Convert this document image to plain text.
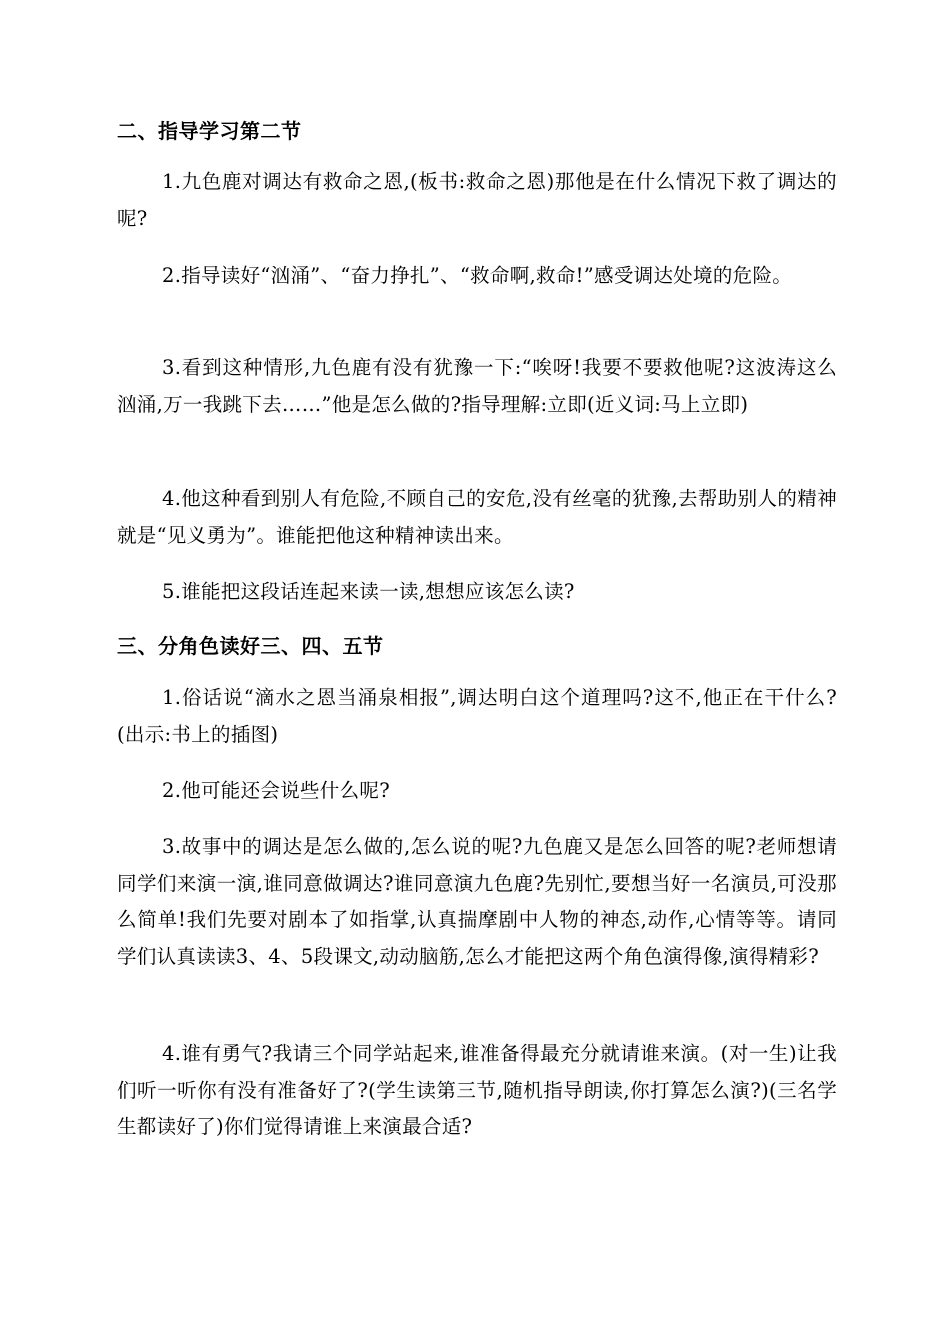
二、指导学习第二节

1.九色鹿对调达有救命之恩,(板书:救命之恩)那他是在什么情况下救了调达的呢?

2.指导读好“汹涌”、“奋力挣扎”、“救命啊,救命!”感受调达处境的危险。

3.看到这种情形,九色鹿有没有犹豫一下:“唉呀!我要不要救他呢?这波涛这么汹涌,万一我跳下去……”他是怎么做的?指导理解:立即(近义词:马上立即)

4.他这种看到别人有危险,不顾自己的安危,没有丝毫的犹豫,去帮助别人的精神就是“见义勇为”。谁能把他这种精神读出来。

5.谁能把这段话连起来读一读,想想应该怎么读?

三、分角色读好三、四、五节

1.俗话说“滴水之恩当涌泉相报”,调达明白这个道理吗?这不,他正在干什么?(出示:书上的插图)

2.他可能还会说些什么呢?

3.故事中的调达是怎么做的,怎么说的呢?九色鹿又是怎么回答的呢?老师想请同学们来演一演,谁同意做调达?谁同意演九色鹿?先别忙,要想当好一名演员,可没那么简单!我们先要对剧本了如指掌,认真揣摩剧中人物的神态,动作,心情等等。请同学们认真读读3、4、5段课文,动动脑筋,怎么才能把这两个角色演得像,演得精彩?

4.谁有勇气?我请三个同学站起来,谁准备得最充分就请谁来演。(对一生)让我们听一听你有没有准备好了?(学生读第三节,随机指导朗读,你打算怎么演?)(三名学生都读好了)你们觉得请谁上来演最合适?
